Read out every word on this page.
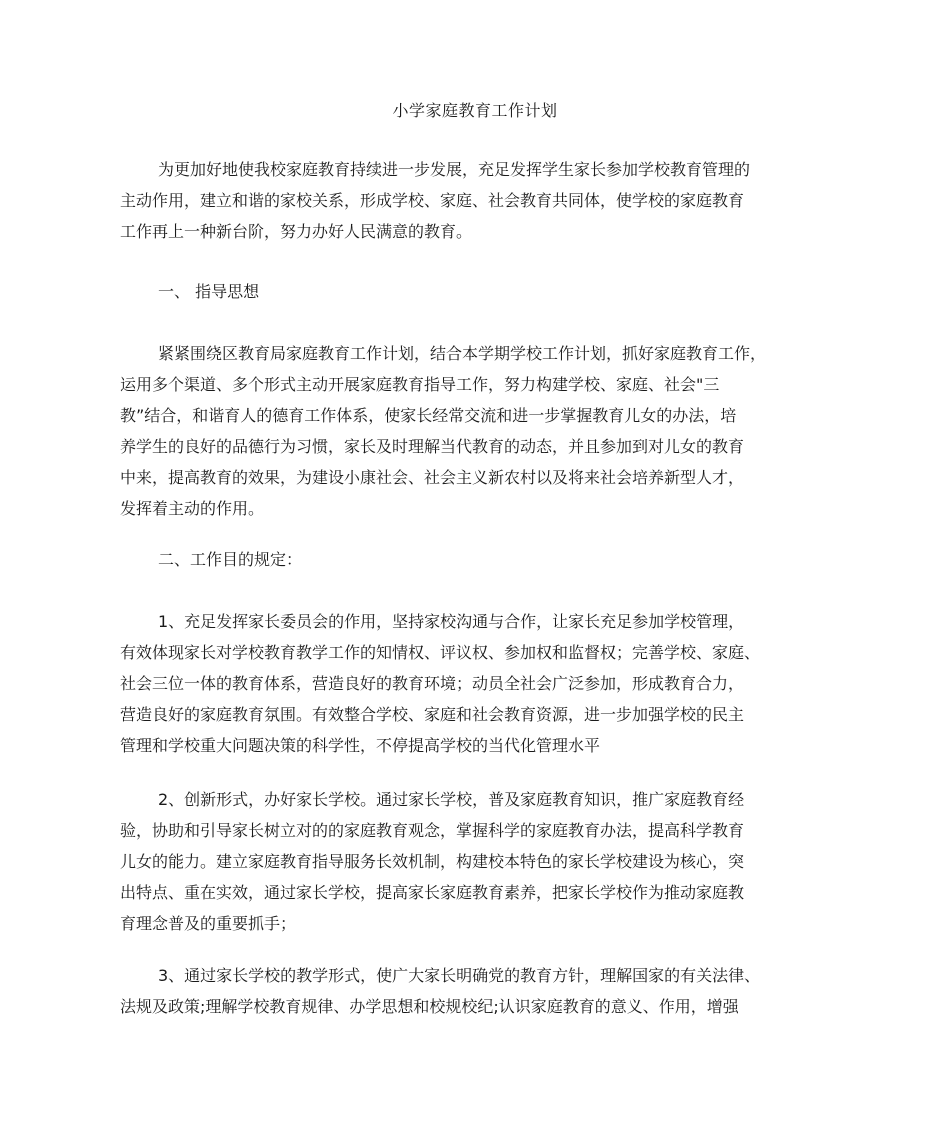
小学家庭教育工作计划
为更加好地使我校家庭教育持续进一步发展，充足发挥学生家长参加学校教育管理的
主动作用，建立和谐的家校关系，形成学校、家庭、社会教育共同体，使学校的家庭教育
工作再上一种新台阶，努力办好人民满意的教育。
一、 指导思想
紧紧围绕区教育局家庭教育工作计划，结合本学期学校工作计划，抓好家庭教育工作，
运用多个渠道、多个形式主动开展家庭教育指导工作，努力构建学校、家庭、社会"三
教”结合，和谐育人的德育工作体系，使家长经常交流和进一步掌握教育儿女的办法，培
养学生的良好的品德行为习惯，家长及时理解当代教育的动态，并且参加到对儿女的教育
中来，提高教育的效果，为建设小康社会、社会主义新农村以及将来社会培养新型人才，
发挥着主动的作用。
二、工作目的规定：
1、充足发挥家长委员会的作用，坚持家校沟通与合作，让家长充足参加学校管理，
有效体现家长对学校教育教学工作的知情权、评议权、参加权和监督权；完善学校、家庭、
社会三位一体的教育体系，营造良好的教育环境；动员全社会广泛参加，形成教育合力，
营造良好的家庭教育氛围。有效整合学校、家庭和社会教育资源，进一步加强学校的民主
管理和学校重大问题决策的科学性，不停提高学校的当代化管理水平
2、创新形式，办好家长学校。通过家长学校，普及家庭教育知识，推广家庭教育经
验，协助和引导家长树立对的的家庭教育观念，掌握科学的家庭教育办法，提高科学教育
儿女的能力。建立家庭教育指导服务长效机制，构建校本特色的家长学校建设为核心，突
出特点、重在实效，通过家长学校，提高家长家庭教育素养，把家长学校作为推动家庭教
育理念普及的重要抓手；
3、通过家长学校的教学形式，使广大家长明确党的教育方针，理解国家的有关法律、
法规及政策;理解学校教育规律、办学思想和校规校纪;认识家庭教育的意义、作用，增强
